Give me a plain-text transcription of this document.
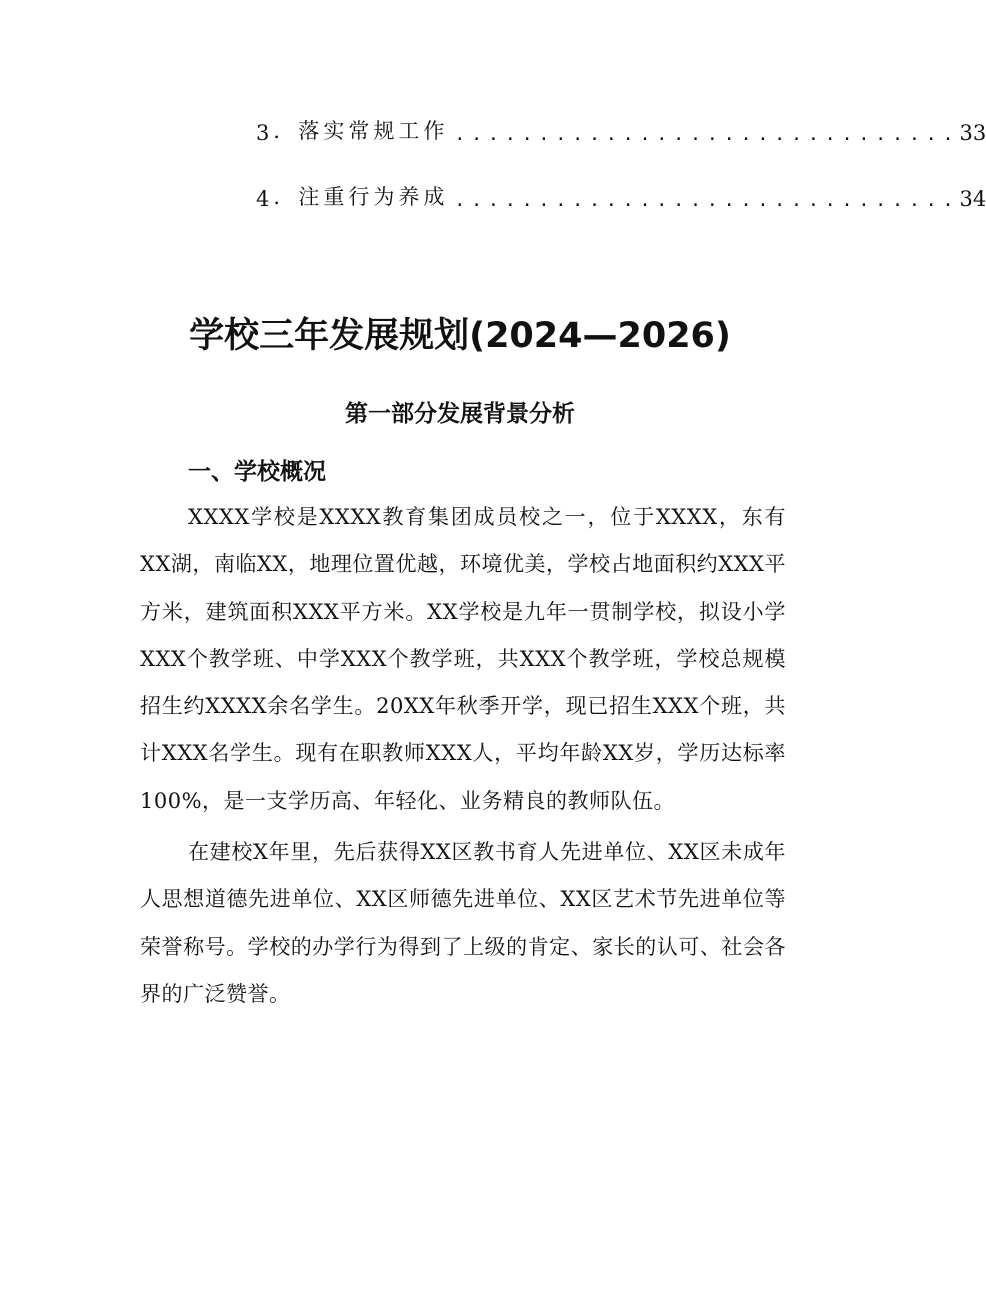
3 ．落实常规工作 .............................. 33
4 ．注重行为养成 .............................. 34
学校三年发展规划(2024—2026)
第一部分发展背景分析
一、学校概况

XXXX学校是XXXX教育集团成员校之一，位于XXXX，东有XX湖，南临XX，地理位置优越，环境优美，学校占地面积约XXX平方米，建筑面积XXX平方米。XX学校是九年一贯制学校，拟设小学XXX个教学班、中学XXX个教学班，共XXX个教学班，学校总规模招生约XXXX余名学生。20XX年秋季开学，现已招生XXX个班，共计XXX名学生。现有在职教师XXX人，平均年龄XX岁，学历达标率100%，是一支学历高、年轻化、业务精良的教师队伍。

在建校X年里，先后获得XX区教书育人先进单位、XX区未成年人思想道德先进单位、XX区师德先进单位、XX区艺术节先进单位等荣誉称号。学校的办学行为得到了上级的肯定、家长的认可、社会各界的广泛赞誉。
